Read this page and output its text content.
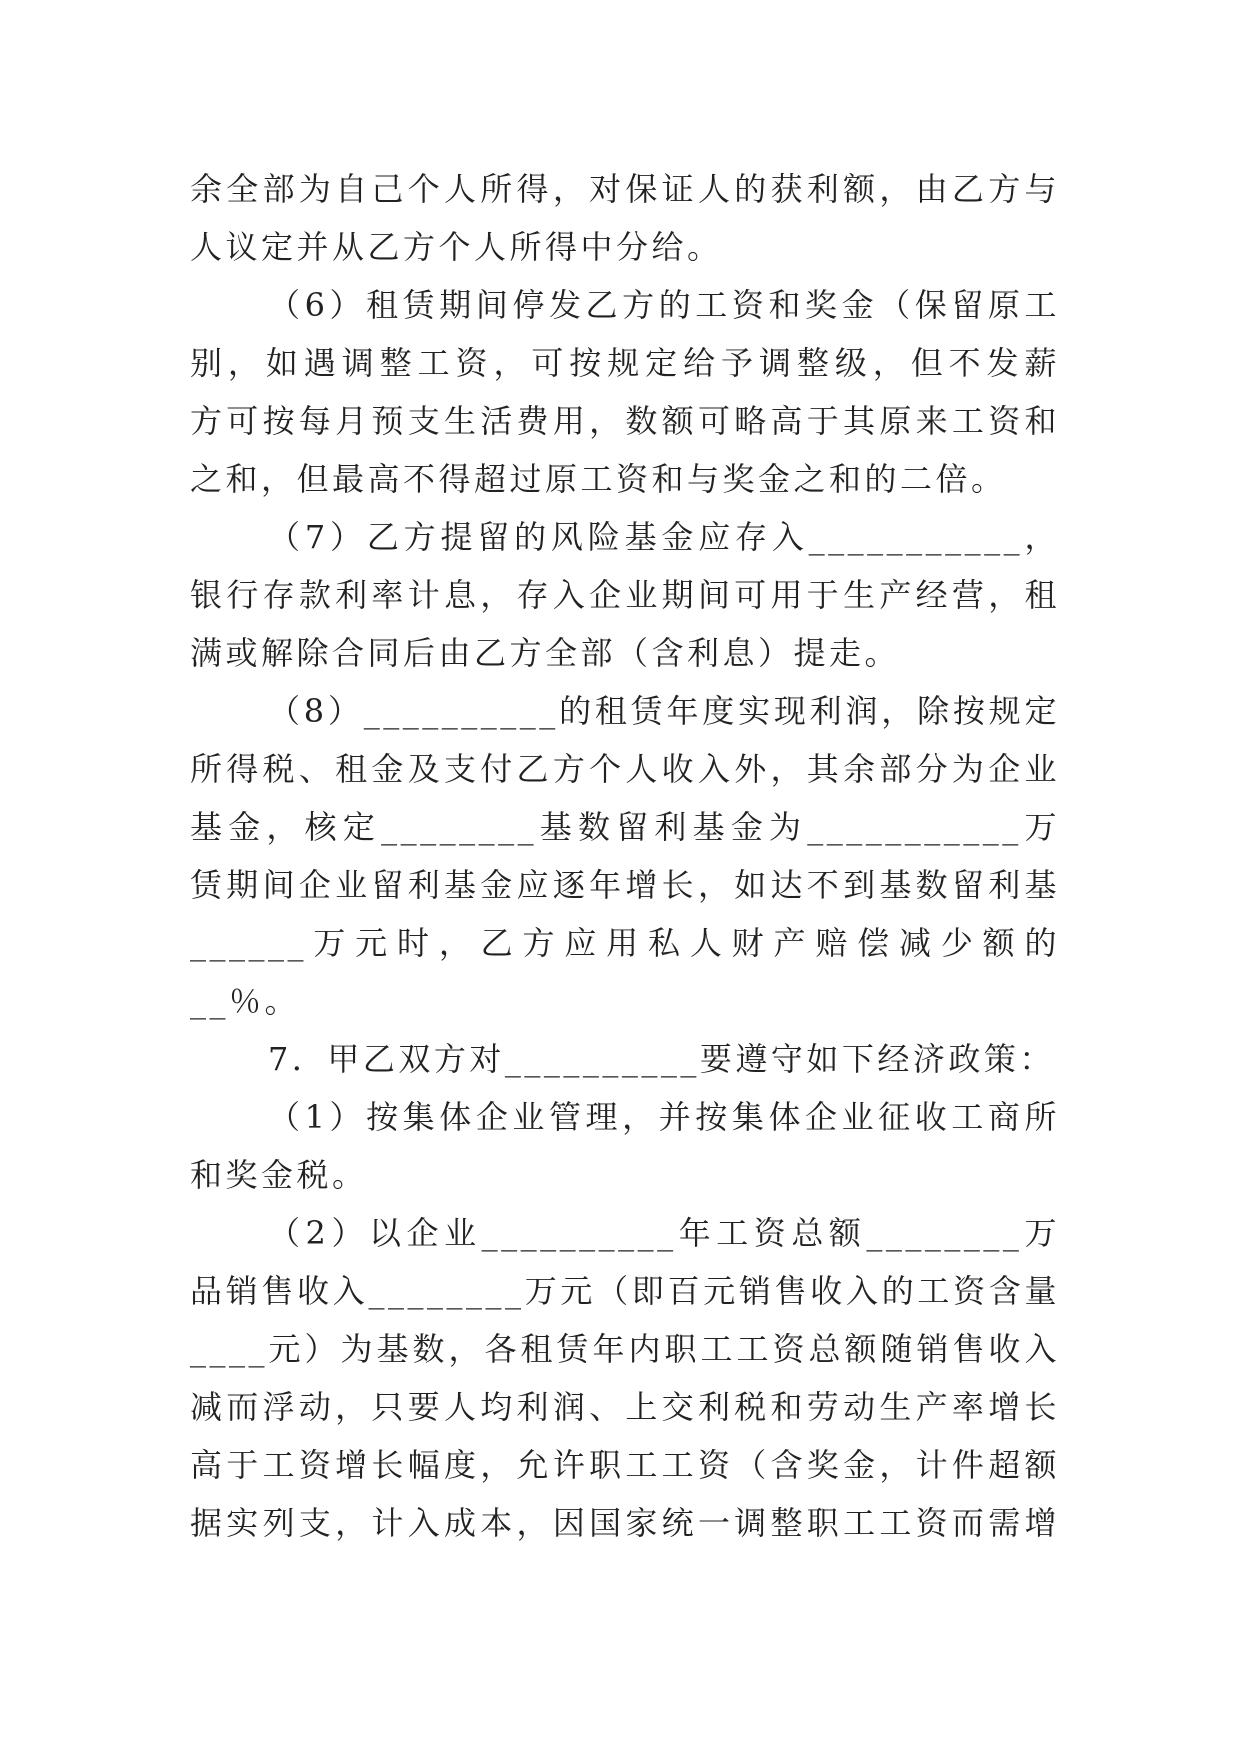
余全部为自己个人所得，对保证人的获利额，由乙方与
人议定并从乙方个人所得中分给。
（6）租赁期间停发乙方的工资和奖金（保留原工
别，如遇调整工资，可按规定给予调整级，但不发薪
方可按每月预支生活费用，数额可略高于其原来工资和
之和，但最高不得超过原工资和与奖金之和的二倍。
（7）乙方提留的风险基金应存入___________，
银行存款利率计息，存入企业期间可用于生产经营，租
满或解除合同后由乙方全部（含利息）提走。
（8）__________的租赁年度实现利润，除按规定
所得税、租金及支付乙方个人收入外，其余部分为企业
基金，核定________基数留利基金为___________万
赁期间企业留利基金应逐年增长，如达不到基数留利基
______万元时，乙方应用私人财产赔偿减少额的
__％。
7．甲乙双方对__________要遵守如下经济政策：
（1）按集体企业管理，并按集体企业征收工商所
和奖金税。
（2）以企业__________年工资总额________万
品销售收入________万元（即百元销售收入的工资含量
____元）为基数，各租赁年内职工工资总额随销售收入
减而浮动，只要人均利润、上交利税和劳动生产率增长
高于工资增长幅度，允许职工工资（含奖金，计件超额
据实列支，计入成本，因国家统一调整职工工资而需增
